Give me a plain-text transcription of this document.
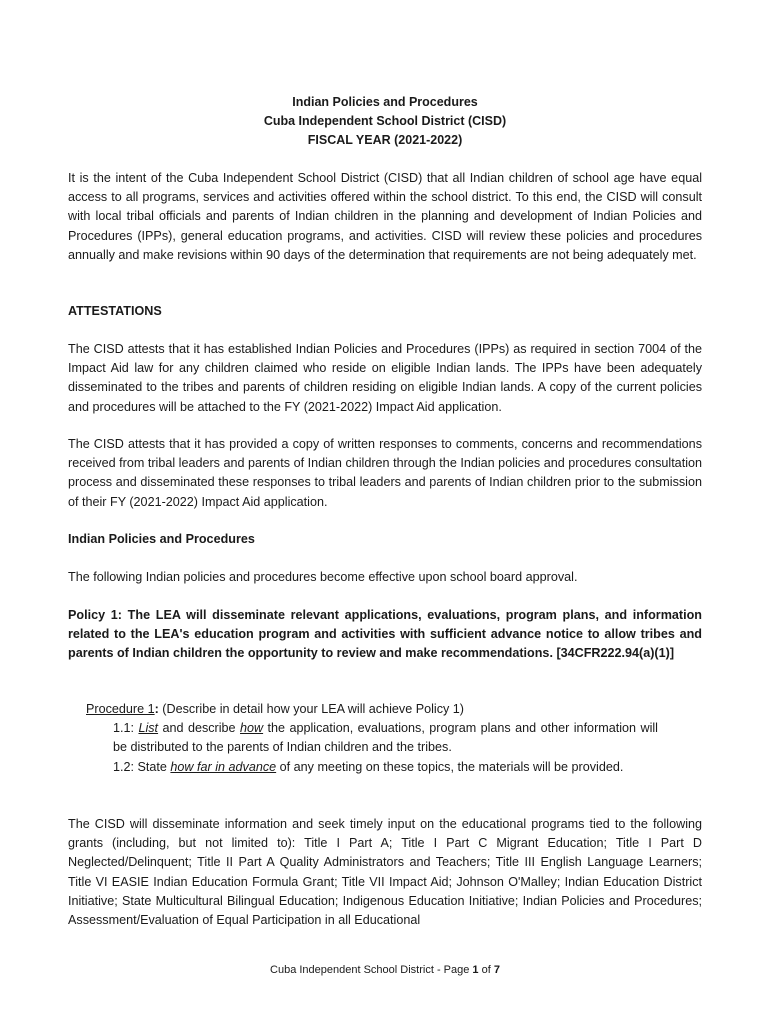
Indian Policies and Procedures
Cuba Independent School District (CISD)
FISCAL YEAR (2021-2022)

It is the intent of the Cuba Independent School District (CISD) that all Indian children of school age have equal access to all programs, services and activities offered within the school district. To this end, the CISD will consult with local tribal officials and parents of Indian children in the planning and development of Indian Policies and Procedures (IPPs), general education programs, and activities. CISD will review these policies and procedures annually and make revisions within 90 days of the determination that requirements are not being adequately met.

ATTESTATIONS

The CISD attests that it has established Indian Policies and Procedures (IPPs) as required in section 7004 of the Impact Aid law for any children claimed who reside on eligible Indian lands. The IPPs have been adequately disseminated to the tribes and parents of children residing on eligible Indian lands. A copy of the current policies and procedures will be attached to the FY (2021-2022) Impact Aid application.

The CISD attests that it has provided a copy of written responses to comments, concerns and recommendations received from tribal leaders and parents of Indian children through the Indian policies and procedures consultation process and disseminated these responses to tribal leaders and parents of Indian children prior to the submission of their FY (2021-2022) Impact Aid application.

Indian Policies and Procedures
The following Indian policies and procedures become effective upon school board approval.

Policy 1: The LEA will disseminate relevant applications, evaluations, program plans, and information related to the LEA's education program and activities with sufficient advance notice to allow tribes and parents of Indian children the opportunity to review and make recommendations. [34CFR222.94(a)(1)]

Procedure 1: (Describe in detail how your LEA will achieve Policy 1)
1.1: List and describe how the application, evaluations, program plans and other information will be distributed to the parents of Indian children and the tribes.
1.2: State how far in advance of any meeting on these topics, the materials will be provided.

The CISD will disseminate information and seek timely input on the educational programs tied to the following grants (including, but not limited to): Title I Part A; Title I Part C Migrant Education; Title I Part D Neglected/Delinquent; Title II Part A Quality Administrators and Teachers; Title III English Language Learners; Title VI EASIE Indian Education Formula Grant; Title VII Impact Aid; Johnson O'Malley; Indian Education District Initiative; State Multicultural Bilingual Education; Indigenous Education Initiative; Indian Policies and Procedures; Assessment/Evaluation of Equal Participation in all Educational

Cuba Independent School District - Page 1 of 7
